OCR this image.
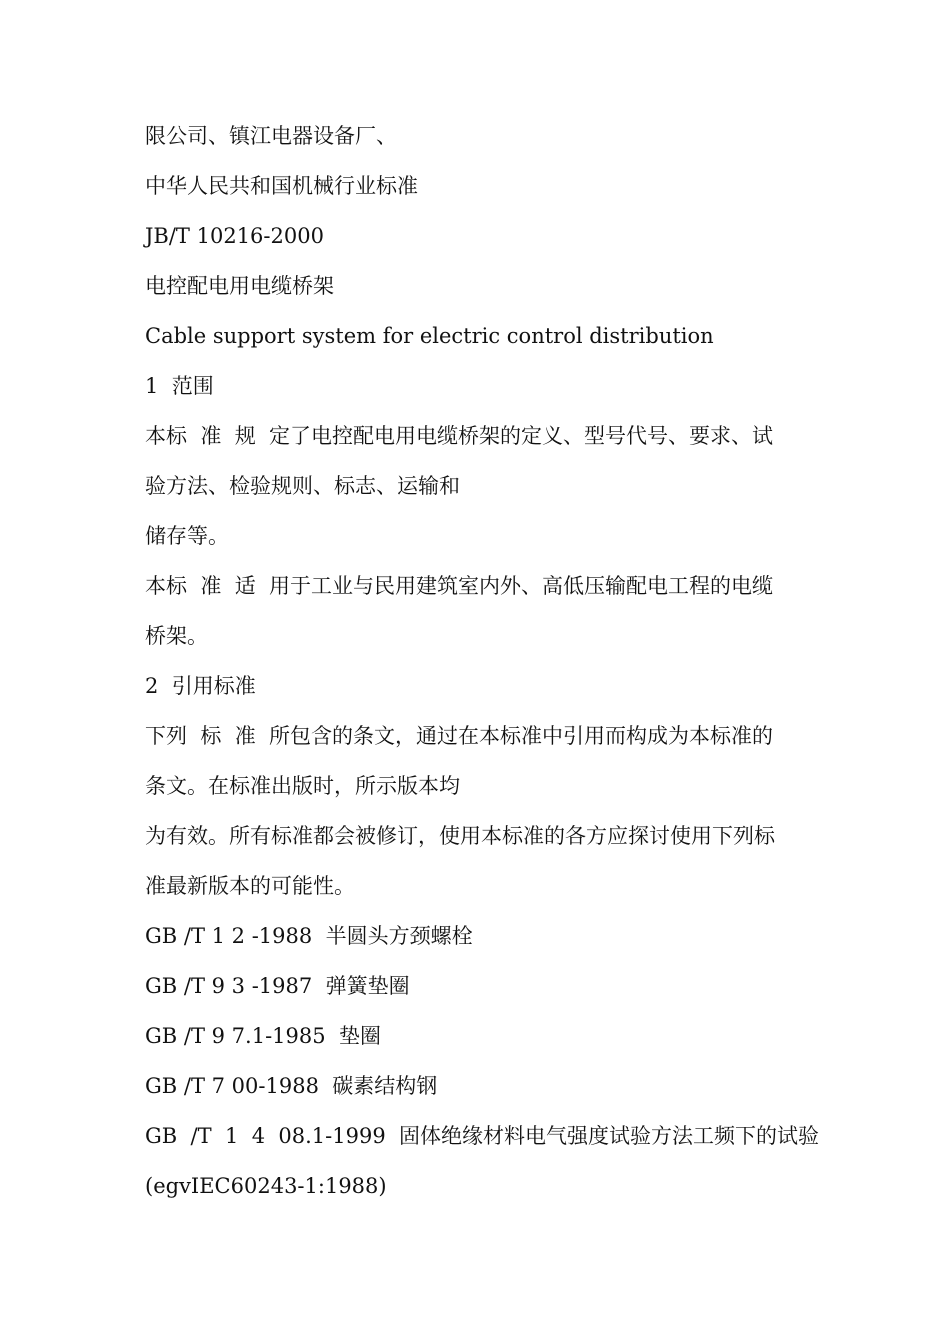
限公司、镇江电器设备厂、
中华人民共和国机械行业标准
JB/T 10216-2000
电控配电用电缆桥架
Cable support system for electric control distribution
1  范围
本标  准  规  定了电控配电用电缆桥架的定义、型号代号、要求、试
验方法、检验规则、标志、运输和
储存等。
本标  准  适  用于工业与民用建筑室内外、高低压输配电工程的电缆
桥架。
2  引用标准
下列  标  准  所包含的条文，通过在本标准中引用而构成为本标准的
条文。在标准出版时，所示版本均
为有效。所有标准都会被修订，使用本标准的各方应探讨使用下列标
准最新版本的可能性。
GB /T 1 2 -1988  半圆头方颈螺栓
GB /T 9 3 -1987  弹簧垫圈
GB /T 9 7.1-1985  垫圈
GB /T 7 00-1988  碳素结构钢
GB  /T  1  4  08.1-1999  固体绝缘材料电气强度试验方法工频下的试验
(egvIEC60243-1:1988)
